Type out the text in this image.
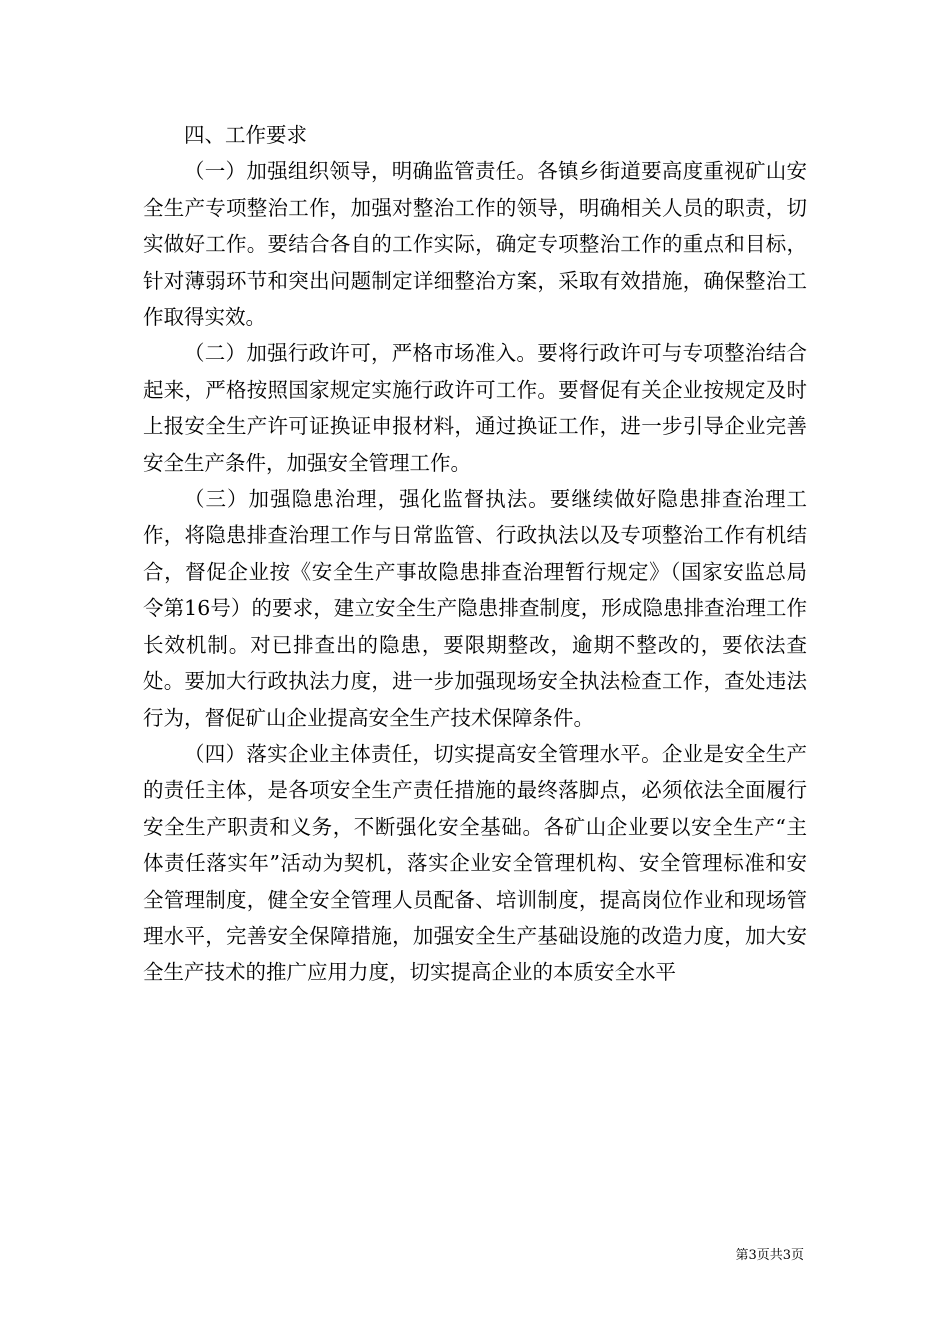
四、工作要求

（一）加强组织领导，明确监管责任。各镇乡街道要高度重视矿山安全生产专项整治工作，加强对整治工作的领导，明确相关人员的职责，切实做好工作。要结合各自的工作实际，确定专项整治工作的重点和目标，针对薄弱环节和突出问题制定详细整治方案，采取有效措施，确保整治工作取得实效。

（二）加强行政许可，严格市场准入。要将行政许可与专项整治结合起来，严格按照国家规定实施行政许可工作。要督促有关企业按规定及时上报安全生产许可证换证申报材料，通过换证工作，进一步引导企业完善安全生产条件，加强安全管理工作。

（三）加强隐患治理，强化监督执法。要继续做好隐患排查治理工作，将隐患排查治理工作与日常监管、行政执法以及专项整治工作有机结合，督促企业按《安全生产事故隐患排查治理暂行规定》（国家安监总局令第16号）的要求，建立安全生产隐患排查制度，形成隐患排查治理工作长效机制。对已排查出的隐患，要限期整改，逾期不整改的，要依法查处。要加大行政执法力度，进一步加强现场安全执法检查工作，查处违法行为，督促矿山企业提高安全生产技术保障条件。

（四）落实企业主体责任，切实提高安全管理水平。企业是安全生产的责任主体，是各项安全生产责任措施的最终落脚点，必须依法全面履行安全生产职责和义务，不断强化安全基础。各矿山企业要以安全生产“主体责任落实年”活动为契机，落实企业安全管理机构、安全管理标准和安全管理制度，健全安全管理人员配备、培训制度，提高岗位作业和现场管理水平，完善安全保障措施，加强安全生产基础设施的改造力度，加大安全生产技术的推广应用力度，切实提高企业的本质安全水平

第3页共3页
